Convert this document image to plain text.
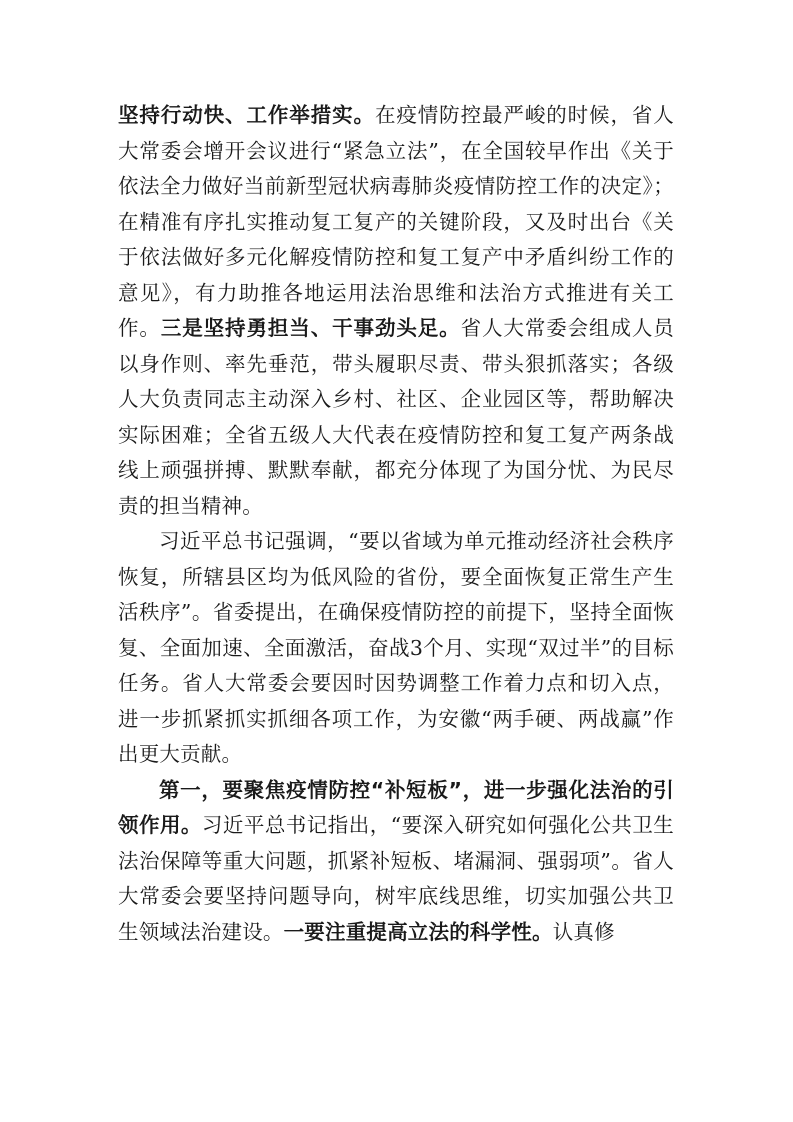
坚持行动快、工作举措实。在疫情防控最严峻的时候，省人大常委会增开会议进行“紧急立法”，在全国较早作出《关于依法全力做好当前新型冠状病毒肺炎疫情防控工作的决定》；在精准有序扎实推动复工复产的关键阶段，又及时出台《关于依法做好多元化解疫情防控和复工复产中矛盾纠纷工作的意见》，有力助推各地运用法治思维和法治方式推进有关工作。三是坚持勇担当、干事劲头足。省人大常委会组成人员以身作则、率先垂范，带头履职尽责、带头狠抓落实；各级人大负责同志主动深入乡村、社区、企业园区等，帮助解决实际困难；全省五级人大代表在疫情防控和复工复产两条战线上顽强拼搏、默默奉献，都充分体现了为国分忧、为民尽责的担当精神。

习近平总书记强调，“要以省域为单元推动经济社会秩序恢复，所辖县区均为低风险的省份，要全面恢复正常生产生活秩序”。省委提出，在确保疫情防控的前提下，坚持全面恢复、全面加速、全面激活，奋战3个月、实现“双过半”的目标任务。省人大常委会要因时因势调整工作着力点和切入点，进一步抓紧抓实抓细各项工作，为安徽“两手硬、两战赢”作出更大贡献。

第一，要聚焦疫情防控“补短板”，进一步强化法治的引领作用。习近平总书记指出，“要深入研究如何强化公共卫生法治保障等重大问题，抓紧补短板、堵漏洞、强弱项”。省人大常委会要坚持问题导向，树牢底线思维，切实加强公共卫生领域法治建设。一要注重提高立法的科学性。认真修
